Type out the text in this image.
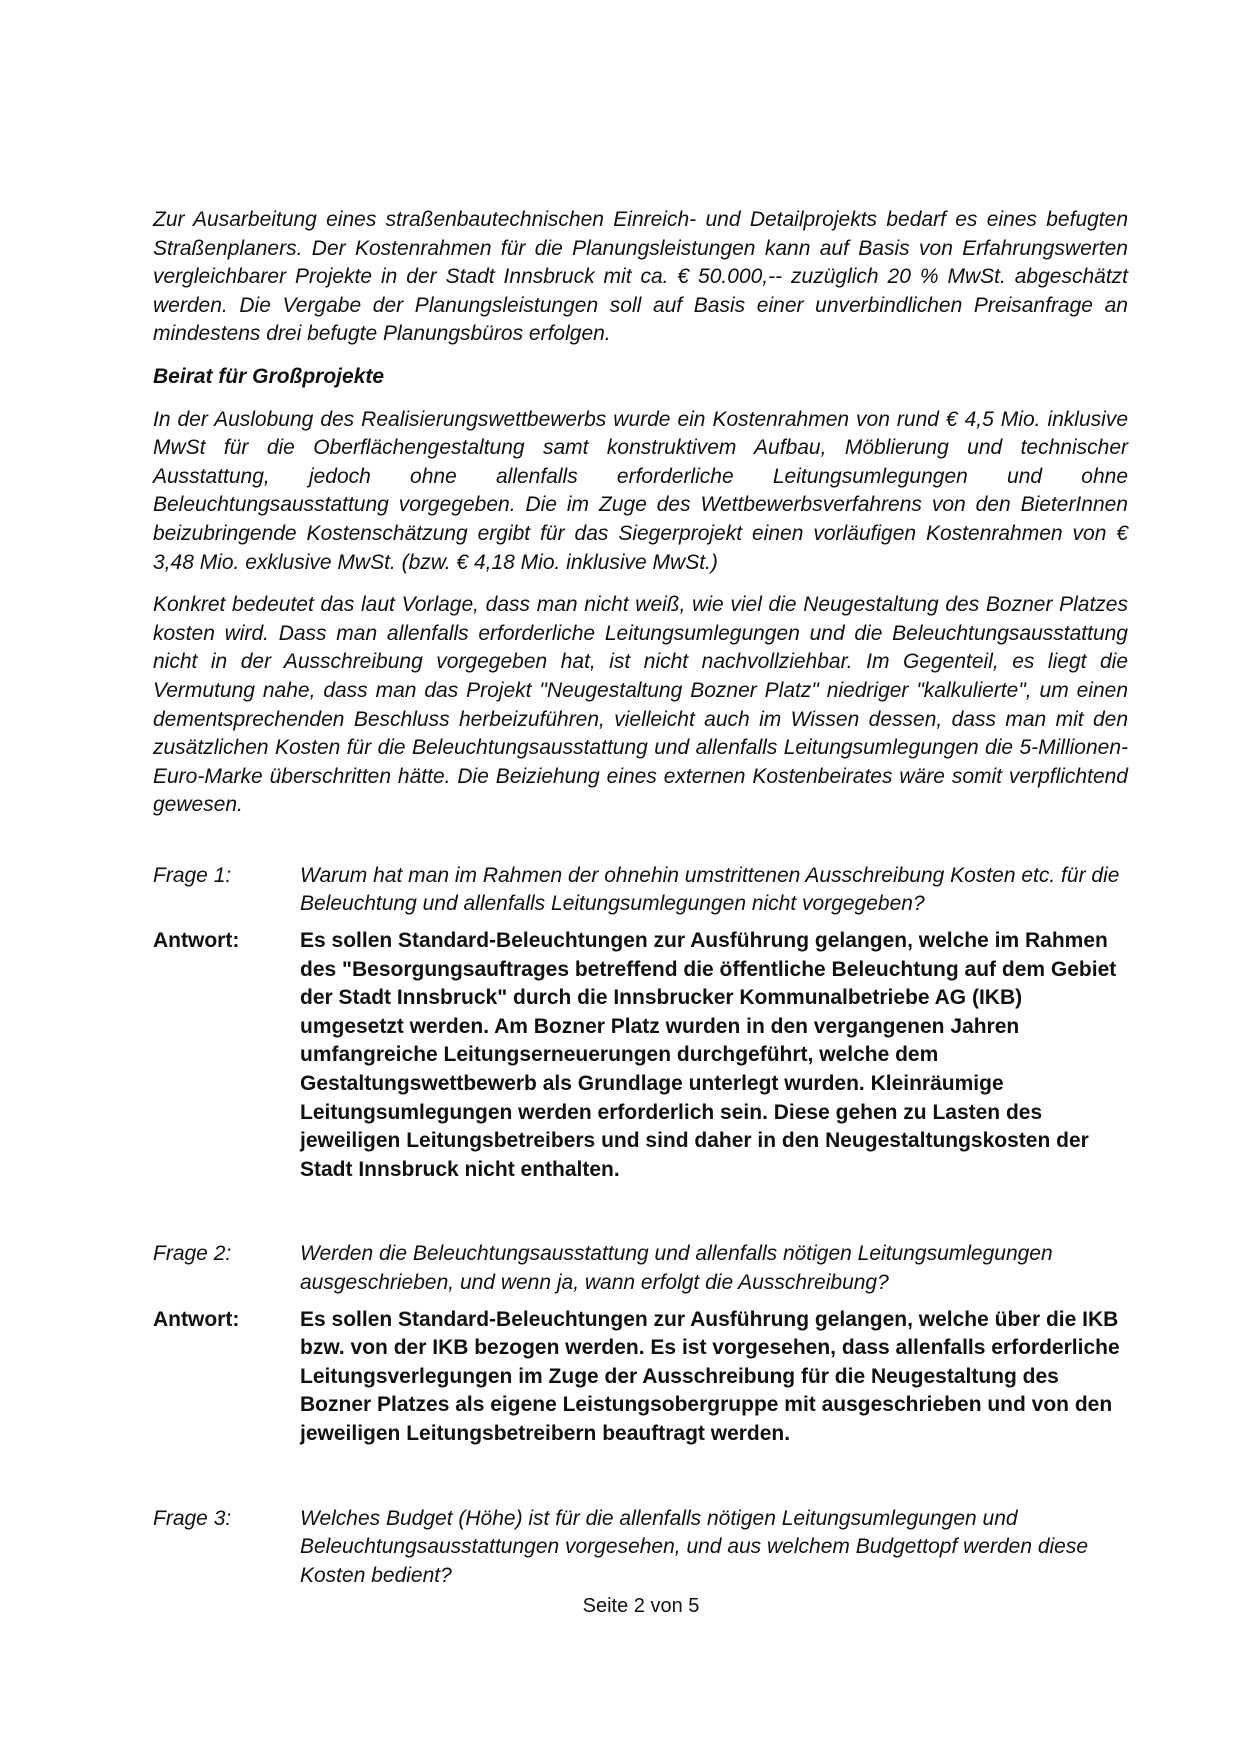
Zur Ausarbeitung eines straßenbautechnischen Einreich- und Detailprojekts bedarf es eines befugten Straßenplaners. Der Kostenrahmen für die Planungsleistungen kann auf Basis von Erfahrungswerten vergleichbarer Projekte in der Stadt Innsbruck mit ca. € 50.000,-- zuzüglich 20 % MwSt. abgeschätzt werden. Die Vergabe der Planungsleistungen soll auf Basis einer unverbindlichen Preisanfrage an mindestens drei befugte Planungsbüros erfolgen.

Beirat für Großprojekte

In der Auslobung des Realisierungswettbewerbs wurde ein Kostenrahmen von rund € 4,5 Mio. inklusive MwSt für die Oberflächengestaltung samt konstruktivem Aufbau, Möblierung und technischer Ausstattung, jedoch ohne allenfalls erforderliche Leitungsumlegungen und ohne Beleuchtungsausstattung vorgegeben. Die im Zuge des Wettbewerbsverfahrens von den BieterInnen beizubringende Kostenschätzung ergibt für das Siegerprojekt einen vorläufigen Kostenrahmen von € 3,48 Mio. exklusive MwSt. (bzw. € 4,18 Mio. inklusive MwSt.)

Konkret bedeutet das laut Vorlage, dass man nicht weiß, wie viel die Neugestaltung des Bozner Platzes kosten wird. Dass man allenfalls erforderliche Leitungsumlegungen und die Beleuchtungsausstattung nicht in der Ausschreibung vorgegeben hat, ist nicht nachvollziehbar. Im Gegenteil, es liegt die Vermutung nahe, dass man das Projekt "Neugestaltung Bozner Platz" niedriger "kalkulierte", um einen dementsprechenden Beschluss herbeizuführen, vielleicht auch im Wissen dessen, dass man mit den zusätzlichen Kosten für die Beleuchtungsausstattung und allenfalls Leitungsumlegungen die 5-Millionen-Euro-Marke überschritten hätte. Die Beiziehung eines externen Kostenbeirates wäre somit verpflichtend gewesen.

Frage 1:	Warum hat man im Rahmen der ohnehin umstrittenen Ausschreibung Kosten etc. für die Beleuchtung und allenfalls Leitungsumlegungen nicht vorgegeben?
Antwort:	Es sollen Standard-Beleuchtungen zur Ausführung gelangen, welche im Rahmen des "Besorgungsauftrages betreffend die öffentliche Beleuchtung auf dem Gebiet der Stadt Innsbruck" durch die Innsbrucker Kommunalbetriebe AG (IKB) umgesetzt werden. Am Bozner Platz wurden in den vergangenen Jahren umfangreiche Leitungserneuerungen durchgeführt, welche dem Gestaltungswettbewerb als Grundlage unterlegt wurden. Kleinräumige Leitungsumlegungen werden erforderlich sein. Diese gehen zu Lasten des jeweiligen Leitungsbetreibers und sind daher in den Neugestaltungskosten der Stadt Innsbruck nicht enthalten.
Frage 2:	Werden die Beleuchtungsausstattung und allenfalls nötigen Leitungsumlegungen ausgeschrieben, und wenn ja, wann erfolgt die Ausschreibung?
Antwort:	Es sollen Standard-Beleuchtungen zur Ausführung gelangen, welche über die IKB bzw. von der IKB bezogen werden. Es ist vorgesehen, dass allenfalls erforderliche Leitungsverlegungen im Zuge der Ausschreibung für die Neugestaltung des Bozner Platzes als eigene Leistungsobergruppe mit ausgeschrieben und von den jeweiligen Leitungsbetreibern beauftragt werden.
Frage 3:	Welches Budget (Höhe) ist für die allenfalls nötigen Leitungsumlegungen und Beleuchtungsausstattungen vorgesehen, und aus welchem Budgettopf werden diese Kosten bedient?
Seite 2 von 5
